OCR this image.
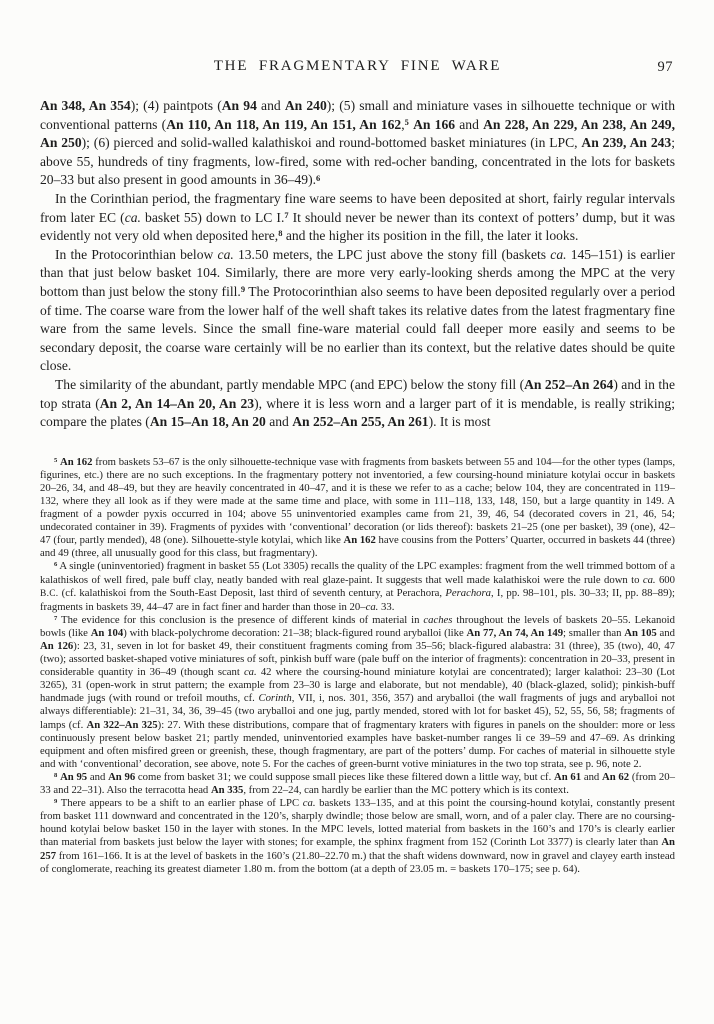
THE FRAGMENTARY FINE WARE	97

An 348, An 354); (4) paintpots (An 94 and An 240); (5) small and miniature vases in silhouette technique or with conventional patterns (An 110, An 118, An 119, An 151, An 162,$^5$ An 166 and An 228, An 229, An 238, An 249, An 250); (6) pierced and solid-walled kalathiskoi and round-bottomed basket miniatures (in LPC, An 239, An 243; above 55, hundreds of tiny fragments, low-fired, some with red-ocher banding, concentrated in the lots for baskets 20–33 but also present in good amounts in 36–49).$^6$

In the Corinthian period, the fragmentary fine ware seems to have been deposited at short, fairly regular intervals from later EC (ca. basket 55) down to LC I.$^7$ It should never be newer than its context of potters’ dump, but it was evidently not very old when deposited here,$^8$ and the higher its position in the fill, the later it looks.

In the Protocorinthian below ca. 13.50 meters, the LPC just above the stony fill (baskets ca. 145–151) is earlier than that just below basket 104. Similarly, there are more very early-looking sherds among the MPC at the very bottom than just below the stony fill.$^9$ The Protocorinthian also seems to have been deposited regularly over a period of time. The coarse ware from the lower half of the well shaft takes its relative dates from the latest fragmentary fine ware from the same levels. Since the small fine-ware material could fall deeper more easily and seems to be secondary deposit, the coarse ware certainly will be no earlier than its context, but the relative dates should be quite close.

The similarity of the abundant, partly mendable MPC (and EPC) below the stony fill (An 252–An 264) and in the top strata (An 2, An 14–An 20, An 23), where it is less worn and a larger part of it is mendable, is really striking; compare the plates (An 15–An 18, An 20 and An 252–An 255, An 261). It is most

$^5$ An 162 from baskets 53–67 is the only silhouette-technique vase with fragments from baskets between 55 and 104—for the other types (lamps, figurines, etc.) there are no such exceptions. In the fragmentary pottery not inventoried, a few coursing-hound miniature kotylai occur in baskets 20–26, 34, and 48–49, but they are heavily concentrated in 40–47, and it is these we refer to as a cache; below 104, they are concentrated in 119–132, where they all look as if they were made at the same time and place, with some in 111–118, 133, 148, 150, but a large quantity in 149. A fragment of a powder pyxis occurred in 104; above 55 uninventoried examples came from 21, 39, 46, 54 (decorated covers in 21, 46, 54; undecorated container in 39). Fragments of pyxides with ‘conventional’ decoration (or lids thereof): baskets 21–25 (one per basket), 39 (one), 42–47 (four, partly mended), 48 (one). Silhouette-style kotylai, which like An 162 have cousins from the Potters’ Quarter, occurred in baskets 44 (three) and 49 (three, all unusually good for this class, but fragmentary).

$^6$ A single (uninventoried) fragment in basket 55 (Lot 3305) recalls the quality of the LPC examples: fragment from the well trimmed bottom of a kalathiskos of well fired, pale buff clay, neatly banded with real glaze-paint. It suggests that well made kalathiskoi were the rule down to ca. 600 B.C. (cf. kalathiskoi from the South-East Deposit, last third of seventh century, at Perachora, Perachora, I, pp. 98–101, pls. 30–33; II, pp. 88–89); fragments in baskets 39, 44–47 are in fact finer and harder than those in 20–ca. 33.

$^7$ The evidence for this conclusion is the presence of different kinds of material in caches throughout the levels of baskets 20–55. Lekanoid bowls (like An 104) with black-polychrome decoration: 21–38; black-figured round aryballoi (like An 77, An 74, An 149; smaller than An 105 and An 126): 23, 31, seven in lot for basket 49, their constituent fragments coming from 35–56; black-figured alabastra: 31 (three), 35 (two), 40, 47 (two); assorted basket-shaped votive miniatures of soft, pinkish buff ware (pale buff on the interior of fragments): concentration in 20–33, present in considerable quantity in 36–49 (though scant ca. 42 where the coursing-hound miniature kotylai are concentrated); larger kalathoi: 23–30 (Lot 3265), 31 (open-work in strut pattern; the example from 23–30 is large and elaborate, but not mendable), 40 (black-glazed, solid); pinkish-buff handmade jugs (with round or trefoil mouths, cf. Corinth, VII, i, nos. 301, 356, 357) and aryballoi (the wall fragments of jugs and aryballoi not always differentiable): 21–31, 34, 36, 39–45 (two aryballoi and one jug, partly mended, stored with lot for basket 45), 52, 55, 56, 58; fragments of lamps (cf. An 322–An 325): 27. With these distributions, compare that of fragmentary kraters with figures in panels on the shoulder: more or less continuously present below basket 21; partly mended, uninventoried examples have basket-number ranges li ce 39–59 and 47–69. As drinking equipment and often misfired green or greenish, these, though fragmentary, are part of the potters’ dump. For caches of material in silhouette style and with ‘conventional’ decoration, see above, note 5. For the caches of green-burnt votive miniatures in the two top strata, see p. 96, note 2.

$^8$ An 95 and An 96 come from basket 31; we could suppose small pieces like these filtered down a little way, but cf. An 61 and An 62 (from 20–33 and 22–31). Also the terracotta head An 335, from 22–24, can hardly be earlier than the MC pottery which is its context.

$^9$ There appears to be a shift to an earlier phase of LPC ca. baskets 133–135, and at this point the coursing-hound kotylai, constantly present from basket 111 downward and concentrated in the 120’s, sharply dwindle; those below are small, worn, and of a paler clay. There are no coursing-hound kotylai below basket 150 in the layer with stones. In the MPC levels, lotted material from baskets in the 160’s and 170’s is clearly earlier than material from baskets just below the layer with stones; for example, the sphinx fragment from 152 (Corinth Lot 3377) is clearly later than An 257 from 161–166. It is at the level of baskets in the 160’s (21.80–22.70 m.) that the shaft widens downward, now in gravel and clayey earth instead of conglomerate, reaching its greatest diameter 1.80 m. from the bottom (at a depth of 23.05 m. = baskets 170–175; see p. 64).
